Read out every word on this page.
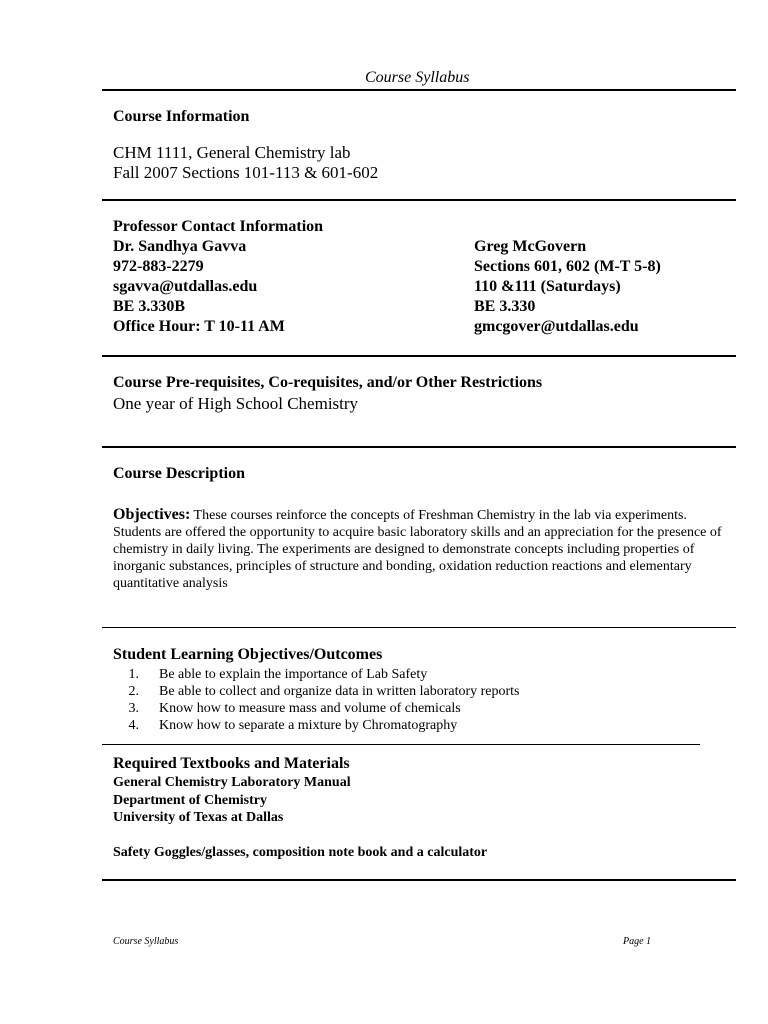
Course Syllabus
Course Information
CHM 1111, General Chemistry lab
Fall 2007 Sections 101-113 & 601-602
Professor Contact Information
Dr. Sandhya Gavva
972-883-2279
sgavva@utdallas.edu
BE 3.330B
Office Hour: T 10-11 AM
Greg McGovern
Sections 601, 602 (M-T 5-8)
110 &111 (Saturdays)
BE 3.330
gmcgover@utdallas.edu
Course Pre-requisites, Co-requisites, and/or Other Restrictions
One year of High School Chemistry
Course Description
Objectives: These courses reinforce the concepts of Freshman Chemistry in the lab via experiments. Students are offered the opportunity to acquire basic laboratory skills and an appreciation for the presence of chemistry in daily living. The experiments are designed to demonstrate concepts including properties of inorganic substances, principles of structure and bonding, oxidation reduction reactions and elementary quantitative analysis
Student Learning Objectives/Outcomes
1. Be able to explain the importance of Lab Safety
2. Be able to collect and organize data in written laboratory reports
3. Know how to measure mass and volume of chemicals
4. Know how to separate a mixture by Chromatography
Required Textbooks and Materials
General Chemistry Laboratory Manual
Department of Chemistry
University of Texas at Dallas
Safety Goggles/glasses, composition note book and a calculator
Course Syllabus	Page 1
